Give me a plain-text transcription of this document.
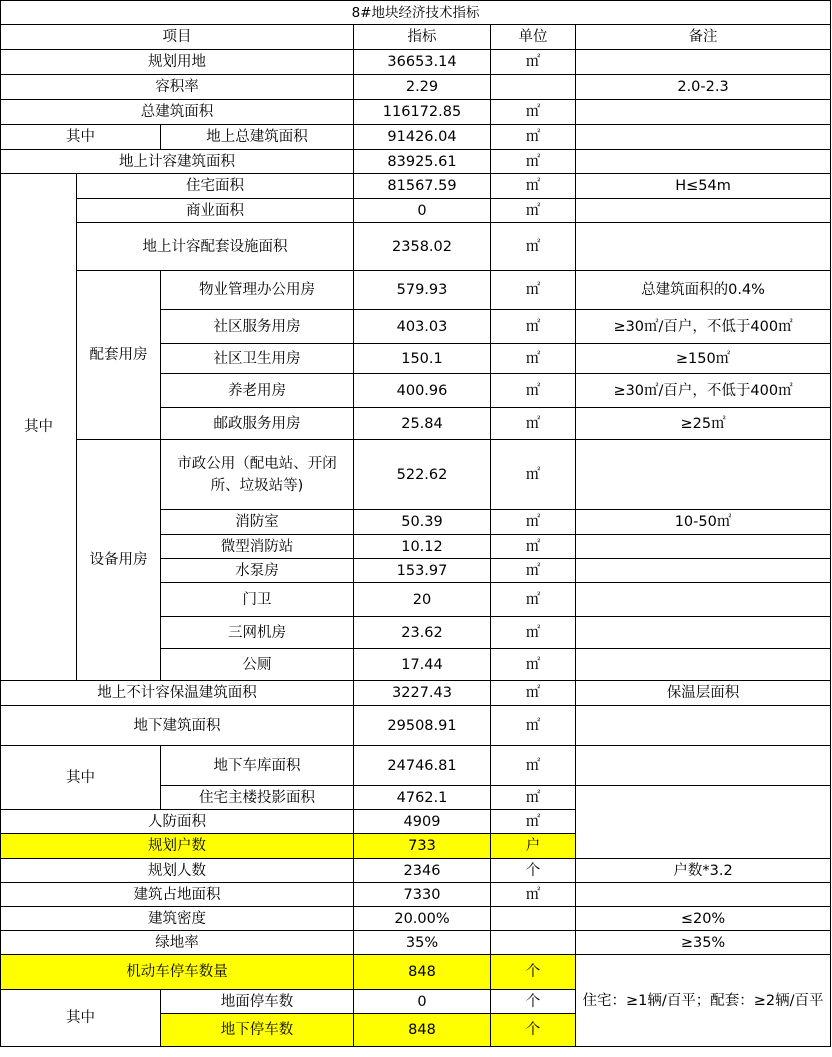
8#地块经济技术指标					
项目			指标	单位	备注
规划用地			36653.14	㎡	
容积率			2.29		2.0-2.3
总建筑面积			116172.85	㎡	
其中		地上总建筑面积	91426.04	㎡	
地上计容建筑面积			83925.61	㎡	
其中	住宅面积		81567.59	㎡	H≤54m
	商业面积		0	㎡	
	地上计容配套设施面积		2358.02	㎡	
	配套用房	物业管理办公用房	579.93	㎡	总建筑面积的0.4%
		社区服务用房	403.03	㎡	≥30㎡/百户，不低于400㎡
		社区卫生用房	150.1	㎡	≥150㎡
		养老用房	400.96	㎡	≥30㎡/百户，不低于400㎡
		邮政服务用房	25.84	㎡	≥25㎡
	设备用房	市政公用（配电站、开闭所、垃圾站等)	522.62	㎡	
		消防室	50.39	㎡	10-50㎡
		微型消防站	10.12	㎡	
		水泵房	153.97	㎡	
		门卫	20	㎡	
		三网机房	23.62	㎡	
		公厕	17.44	㎡	
地上不计容保温建筑面积			3227.43	㎡	保温层面积
地下建筑面积			29508.91	㎡	
其中		地下车库面积	24746.81	㎡	
		住宅主楼投影面积	4762.1	㎡	
人防面积			4909	㎡	
规划户数			733	户	
规划人数			2346	个	户数*3.2
建筑占地面积			7330	㎡	
建筑密度			20.00%		≤20%
绿地率			35%		≥35%
机动车停车数量			848	个	住宅：≥1辆/百平；配套：≥2辆/百平
其中		地面停车数	0	个	
		地下停车数	848	个	
